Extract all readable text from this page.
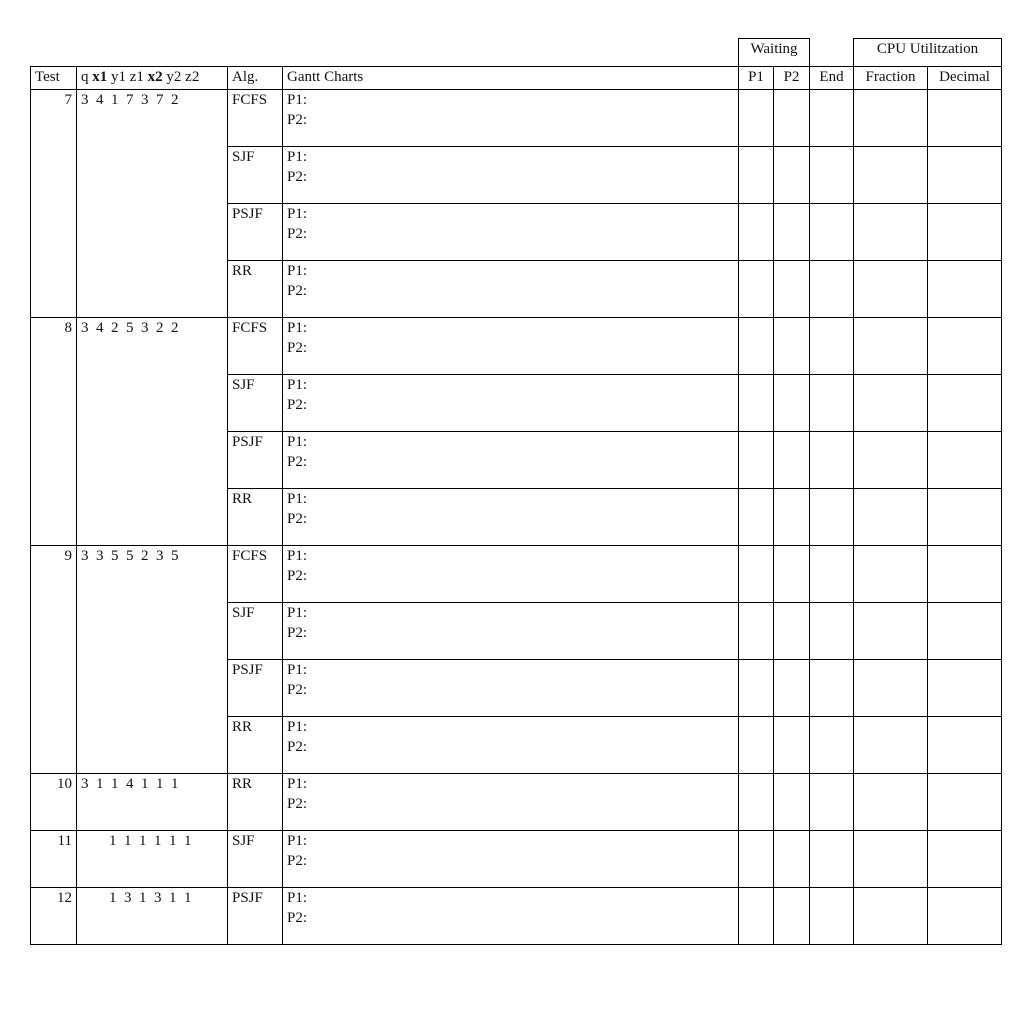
				Waiting			CPU Utilitzation	
Test	q x1 y1 z1 x2 y2 z2	Alg.	Gantt Charts	P1	P2	End	Fraction	Decimal
7	3  4  1  7  3  7  2	FCFS	P1:
P2:					

		SJF	P1:
P2:					

		PSJF	P1:
P2:					

		RR	P1:
P2:					

8	3  4  2  5  3  2  2	FCFS	P1:
P2:					

		SJF	P1:
P2:					

		PSJF	P1:
P2:					

		RR	P1:
P2:					

9	3  3  5  5  2  3  5	FCFS	P1:
P2:					

		SJF	P1:
P2:					

		PSJF	P1:
P2:					

		RR	P1:
P2:					

10	3  1  1  4  1  1  1	RR	P1:
P2:					

11	1  1  1  1  1  1	SJF	P1:
P2:					

12	1  3  1  3  1  1	PSJF	P1:
P2:					
